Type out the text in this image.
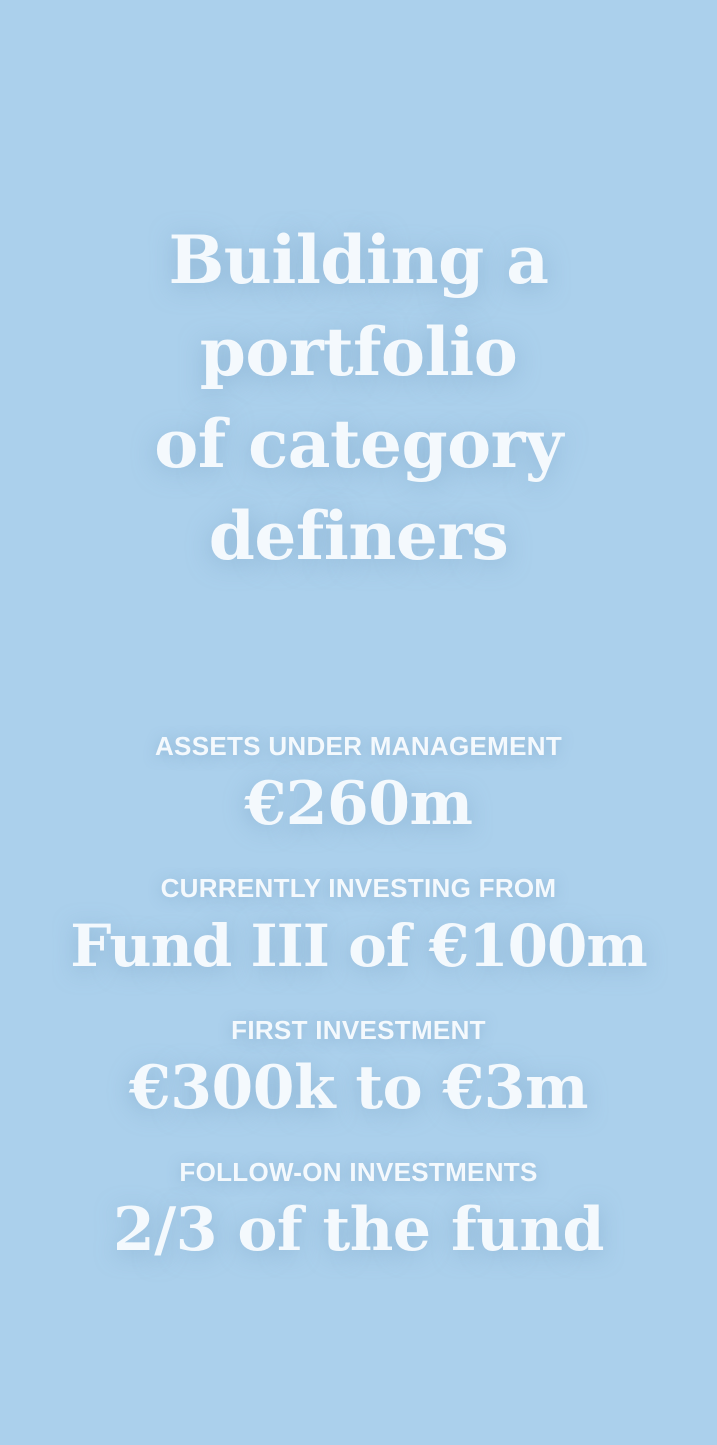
Building a
portfolio
of category
definers
ASSETS UNDER MANAGEMENT
€260m
CURRENTLY INVESTING FROM
Fund III of €100m
FIRST INVESTMENT
€300k to €3m
FOLLOW-ON INVESTMENTS
2/3 of the fund
